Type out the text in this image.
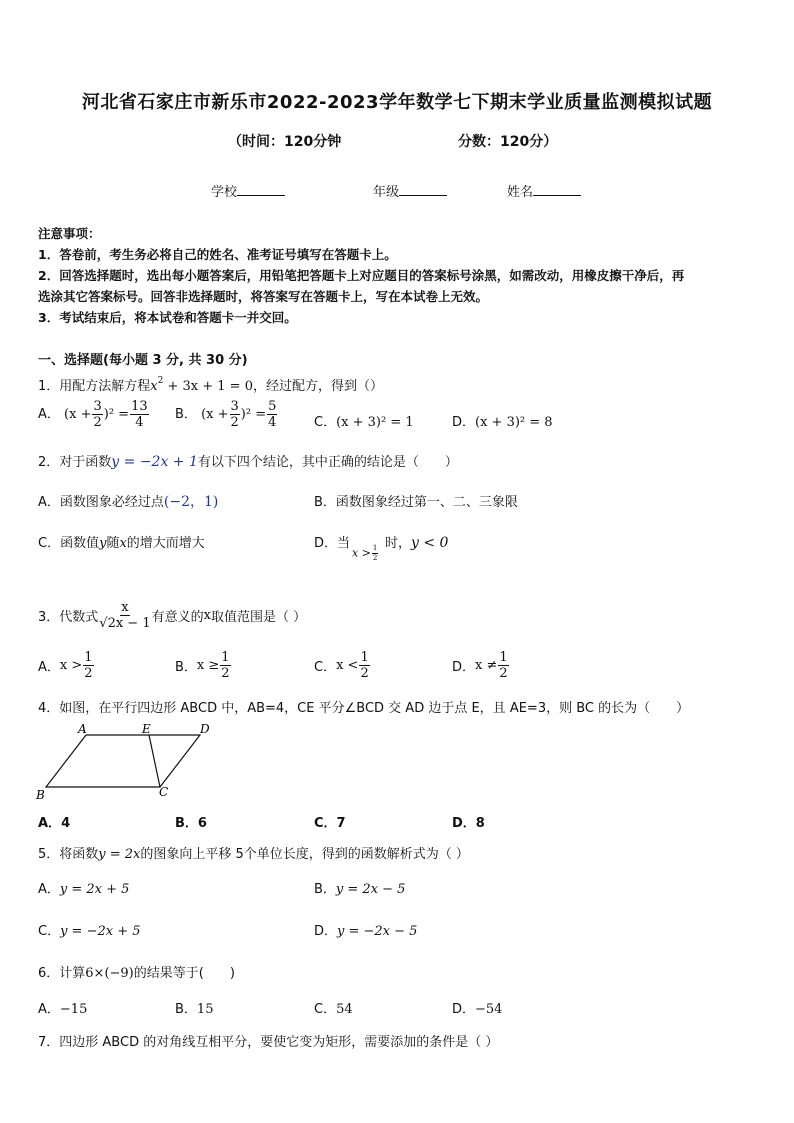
河北省石家庄市新乐市2022-2023学年数学七下期末学业质量监测模拟试题
（时间：120分钟	分数：120分）
学校	年级	姓名
注意事项：
1．答卷前，考生务必将自己的姓名、准考证号填写在答题卡上。
2．回答选择题时，选出每小题答案后，用铅笔把答题卡上对应题目的答案标号涂黑，如需改动，用橡皮擦干净后，再
选涂其它答案标号。回答非选择题时，将答案写在答题卡上，写在本试卷上无效。
3．考试结束后，将本试卷和答题卡一并交回。
一、选择题(每小题 3 分, 共 30 分)
1．用配方法解方程$x^2 + 3x + 1 = 0$，经过配方，得到（）
A． $(x + \frac{3}{2} )^2 = \frac{13}{4}$ B． $(x + \frac{3}{2} )^2 = \frac{5}{4}$	C．(x + 3)² = 1	D．(x + 3)² = 8
2．对于函数y = −2x + 1有以下四个结论，其中正确的结论是（　　）
A．函数图象必经过点(−2，1)	B．函数图象经过第一、二、三象限
C．函数值y随x的增大而增大	D．当
$x > \frac{1}{2}$
时，y < 0
3．代数式 $\frac{x}{√2x - 1}$ 有意义的x取值范围是（ ）
A．$x > \frac{1}{2}$	B．$x \ge \frac{1}{2}$	C．$x < \frac{1}{2}$	D．$x \ne \frac{1}{2}$
4．如图，在平行四边形 ABCD 中，AB=4，CE 平分∠BCD 交 AD 边于点 E，且 AE=3，则 BC 的长为（　　）
A	E	D
B	C
A．4	B．6	C．7	D．8
5．将函数y = 2x的图象向上平移 5个单位长度，得到的函数解析式为（ ）
A．y = 2x + 5	B．y = 2x − 5
C．y = −2x + 5	D．y = −2x − 5
6．计算6×(−9)的结果等于(　　)
A．−15	B．15	C．54	D．−54
7．四边形 ABCD 的对角线互相平分，要使它变为矩形，需要添加的条件是（ ）
